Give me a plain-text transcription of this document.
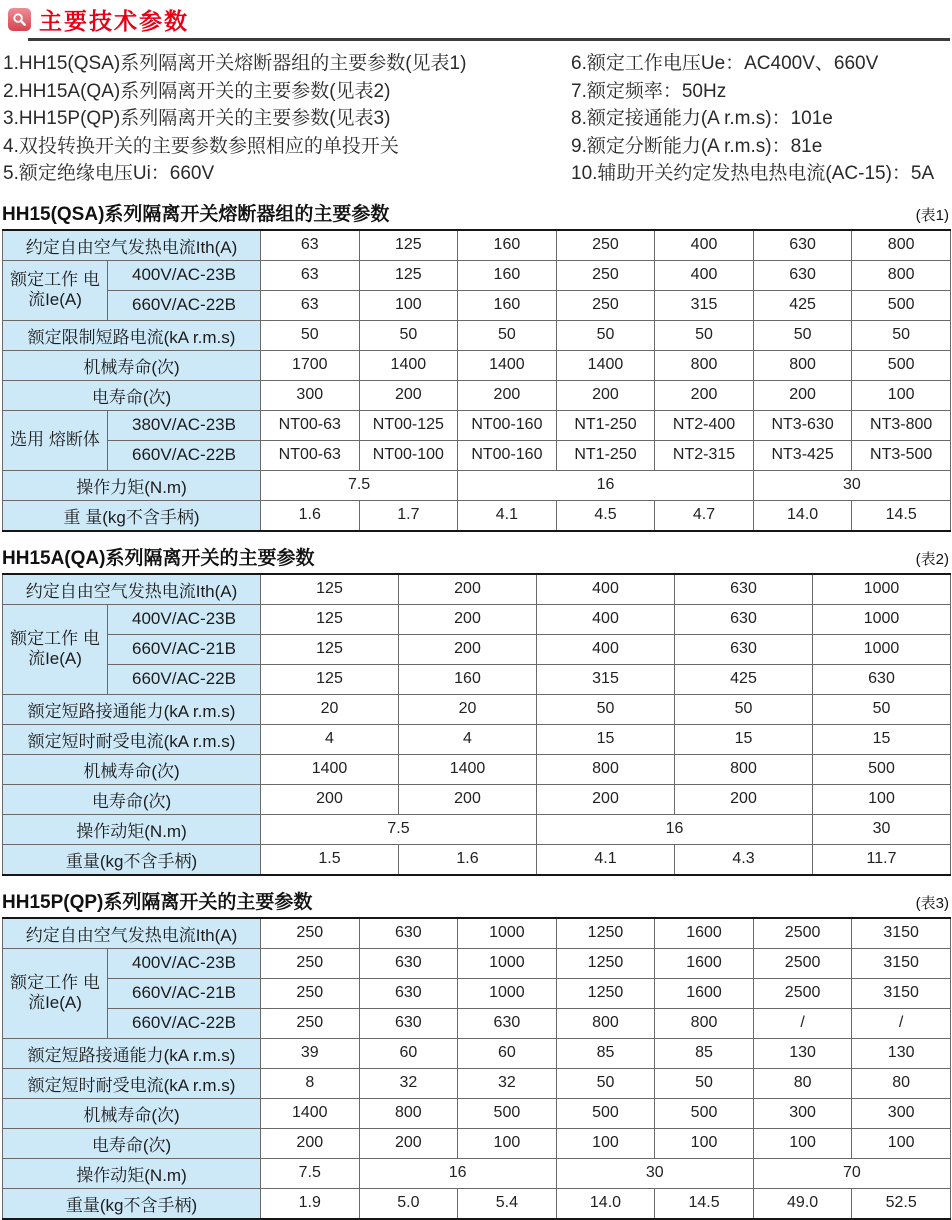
主要技术参数
1.HH15(QSA)系列隔离开关熔断器组的主要参数(见表1)
2.HH15A(QA)系列隔离开关的主要参数(见表2)
3.HH15P(QP)系列隔离开关的主要参数(见表3)
4.双投转换开关的主要参数参照相应的单投开关
5.额定绝缘电压Ui：660V
6.额定工作电压Ue：AC400V、660V
7.额定频率：50Hz
8.额定接通能力(A r.m.s)：101e
9.额定分断能力(A r.m.s)：81e
10.辅助开关约定发热电热电流(AC-15)：5A
HH15(QSA)系列隔离开关熔断器组的主要参数	(表1)
约定自由空气发热电流Ith(A)		63	125	160	250	400	630	800
额定工作 电流Ie(A)	400V/AC-23B	63	125	160	250	400	630	800
	660V/AC-22B	63	100	160	250	315	425	500
额定限制短路电流(kA r.m.s)		50	50	50	50	50	50	50
机械寿命(次)		1700	1400	1400	1400	800	800	500
电寿命(次)		300	200	200	200	200	200	100
选用 熔断体	380V/AC-23B	NT00-63	NT00-125	NT00-160	NT1-250	NT2-400	NT3-630	NT3-800
	660V/AC-22B	NT00-63	NT00-100	NT00-160	NT1-250	NT2-315	NT3-425	NT3-500
操作力矩(N.m)		7.5		16			30	
重 量(kg不含手柄)		1.6	1.7	4.1	4.5	4.7	14.0	14.5
HH15A(QA)系列隔离开关的主要参数	(表2)
约定自由空气发热电流Ith(A)		125	200	400	630	1000
额定工作 电流Ie(A)	400V/AC-23B	125	200	400	630	1000
	660V/AC-21B	125	200	400	630	1000
	660V/AC-22B	125	160	315	425	630
额定短路接通能力(kA r.m.s)		20	20	50	50	50
额定短时耐受电流(kA r.m.s)		4	4	15	15	15
机械寿命(次)		1400	1400	800	800	500
电寿命(次)		200	200	200	200	100
操作动矩(N.m)		7.5		16		30
重量(kg不含手柄)		1.5	1.6	4.1	4.3	11.7
HH15P(QP)系列隔离开关的主要参数	(表3)
约定自由空气发热电流Ith(A)		250	630	1000	1250	1600	2500	3150
额定工作 电流Ie(A)	400V/AC-23B	250	630	1000	1250	1600	2500	3150
	660V/AC-21B	250	630	1000	1250	1600	2500	3150
	660V/AC-22B	250	630	630	800	800	/	/
额定短路接通能力(kA r.m.s)		39	60	60	85	85	130	130
额定短时耐受电流(kA r.m.s)		8	32	32	50	50	80	80
机械寿命(次)		1400	800	500	500	500	300	300
电寿命(次)		200	200	100	100	100	100	100
操作动矩(N.m)		7.5	16		30		70	
重量(kg不含手柄)		1.9	5.0	5.4	14.0	14.5	49.0	52.5
